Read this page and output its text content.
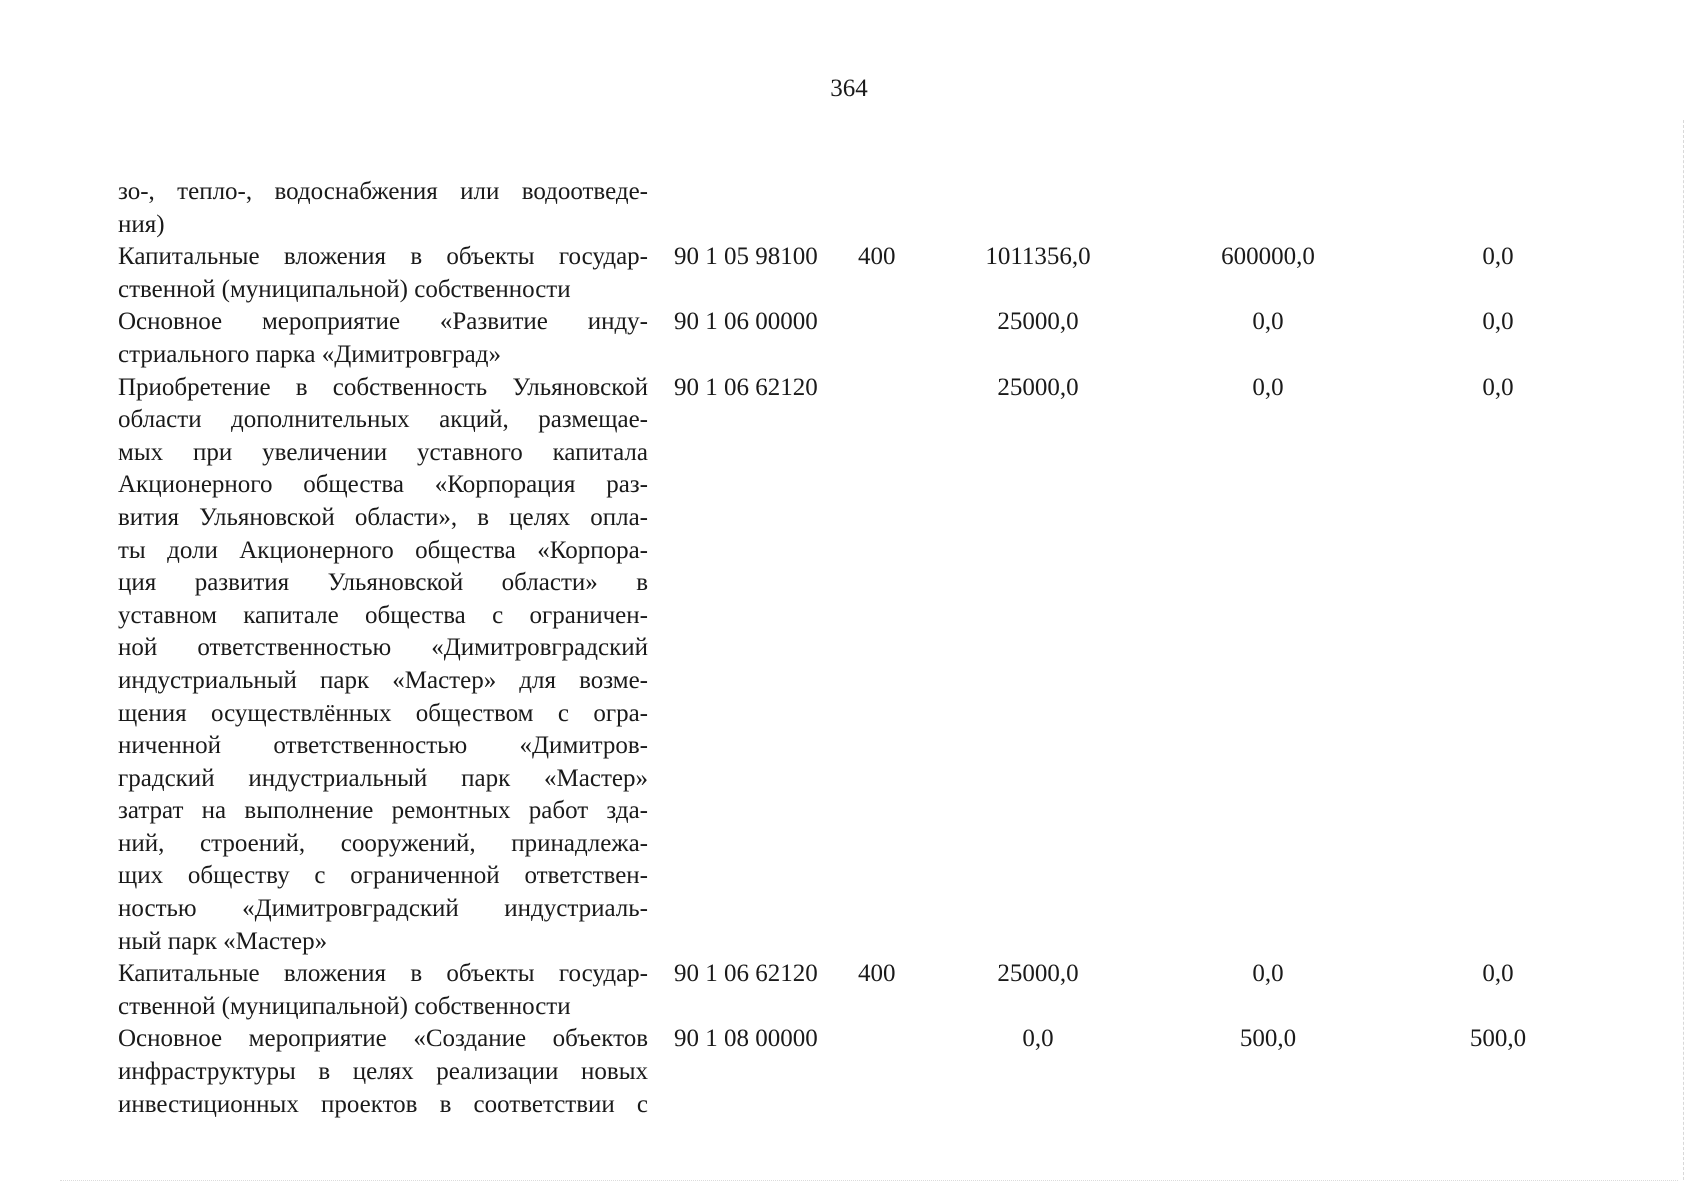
364
зо-, тепло-, водоснабжения или водоотведе-
ния)
Капитальные вложения в объекты государ-
ственной (муниципальной) собственности
90 1 05 98100 400	1011356,0	600000,0	0,0
Основное мероприятие «Развитие инду-
стриального парка «Димитровград»
90 1 06 00000	25000,0	0,0	0,0
Приобретение в собственность Ульяновской
области дополнительных акций, размещае-
мых при увеличении уставного капитала
Акционерного общества «Корпорация раз-
вития Ульяновской области», в целях опла-
ты доли Акционерного общества «Корпора-
ция развития Ульяновской области» в
уставном капитале общества с ограничен-
ной ответственностью «Димитровградский
индустриальный парк «Мастер» для возме-
щения осуществлённых обществом с огра-
ниченной ответственностью «Димитров-
градский индустриальный парк «Мастер»
затрат на выполнение ремонтных работ зда-
ний, строений, сооружений, принадлежа-
щих обществу с ограниченной ответствен-
ностью «Димитровградский индустриаль-
ный парк «Мастер»
90 1 06 62120	25000,0	0,0	0,0
Капитальные вложения в объекты государ-
ственной (муниципальной) собственности
90 1 06 62120 400	25000,0	0,0	0,0
Основное мероприятие «Создание объектов
инфраструктуры в целях реализации новых
инвестиционных проектов в соответствии с
90 1 08 00000	0,0	500,0	500,0
